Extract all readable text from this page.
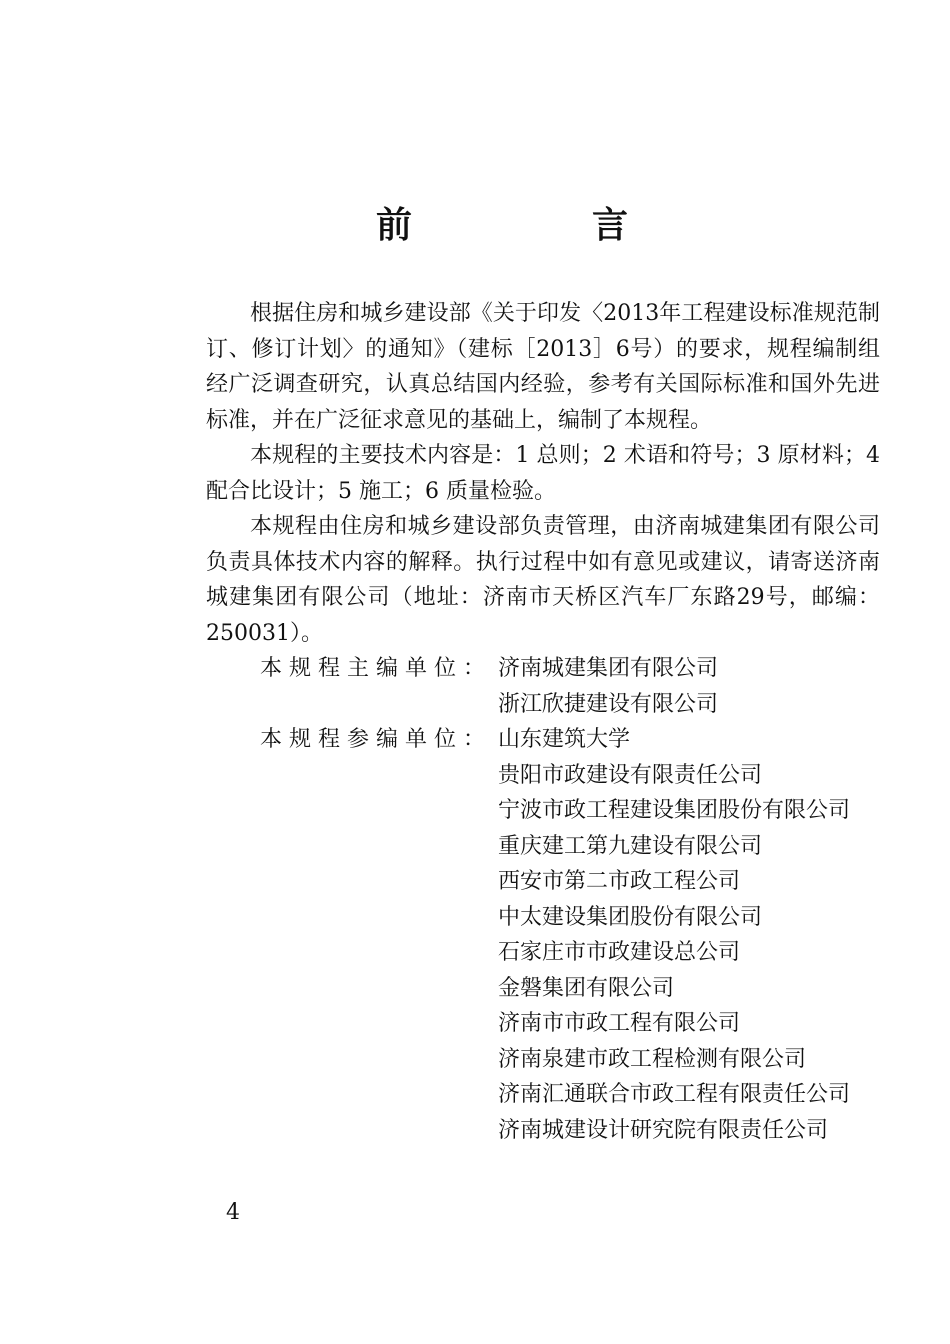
前　言

根据住房和城乡建设部《关于印发〈2013年工程建设标准规范制订、修订计划〉的通知》（建标［2013］6号）的要求，规程编制组经广泛调查研究，认真总结国内经验，参考有关国际标准和国外先进标准，并在广泛征求意见的基础上，编制了本规程。

本规程的主要技术内容是：1 总则；2 术语和符号；3 原材料；4 配合比设计；5 施工；6 质量检验。

本规程由住房和城乡建设部负责管理，由济南城建集团有限公司负责具体技术内容的解释。执行过程中如有意见或建议，请寄送济南城建集团有限公司（地址：济南市天桥区汽车厂东路29号，邮编：250031）。

本规程主编单位： 济南城建集团有限公司
浙江欣捷建设有限公司
本规程参编单位： 山东建筑大学
贵阳市政建设有限责任公司
宁波市政工程建设集团股份有限公司
重庆建工第九建设有限公司
西安市第二市政工程公司
中太建设集团股份有限公司
石家庄市市政建设总公司
金磐集团有限公司
济南市市政工程有限公司
济南泉建市政工程检测有限公司
济南汇通联合市政工程有限责任公司
济南城建设计研究院有限责任公司
4
